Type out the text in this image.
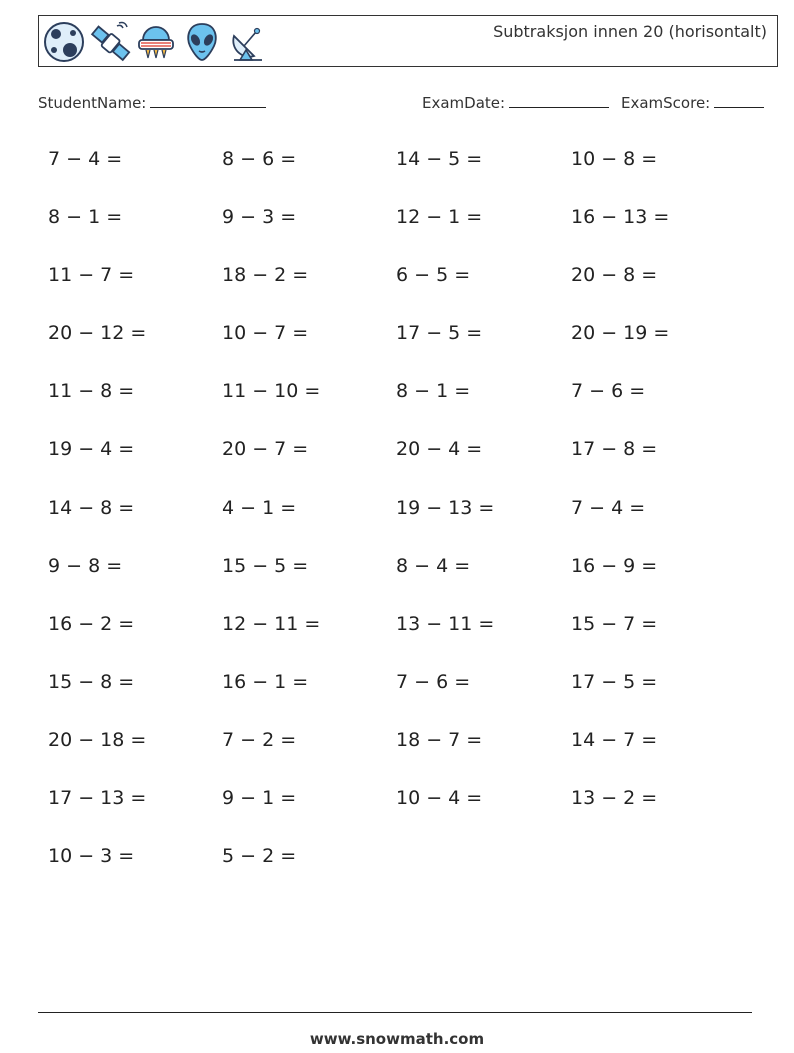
Subtraksjon innen 20 (horisontalt)
StudentName:	ExamDate:	ExamScore:
7 − 4 =	8 − 6 =	14 − 5 =	10 − 8 =
8 − 1 =	9 − 3 =	12 − 1 =	16 − 13 =
11 − 7 =	18 − 2 =	6 − 5 =	20 − 8 =
20 − 12 =	10 − 7 =	17 − 5 =	20 − 19 =
11 − 8 =	11 − 10 =	8 − 1 =	7 − 6 =
19 − 4 =	20 − 7 =	20 − 4 =	17 − 8 =
14 − 8 =	4 − 1 =	19 − 13 =	7 − 4 =
9 − 8 =	15 − 5 =	8 − 4 =	16 − 9 =
16 − 2 =	12 − 11 =	13 − 11 =	15 − 7 =
15 − 8 =	16 − 1 =	7 − 6 =	17 − 5 =
20 − 18 =	7 − 2 =	18 − 7 =	14 − 7 =
17 − 13 =	9 − 1 =	10 − 4 =	13 − 2 =
10 − 3 =	5 − 2 =
www.snowmath.com
